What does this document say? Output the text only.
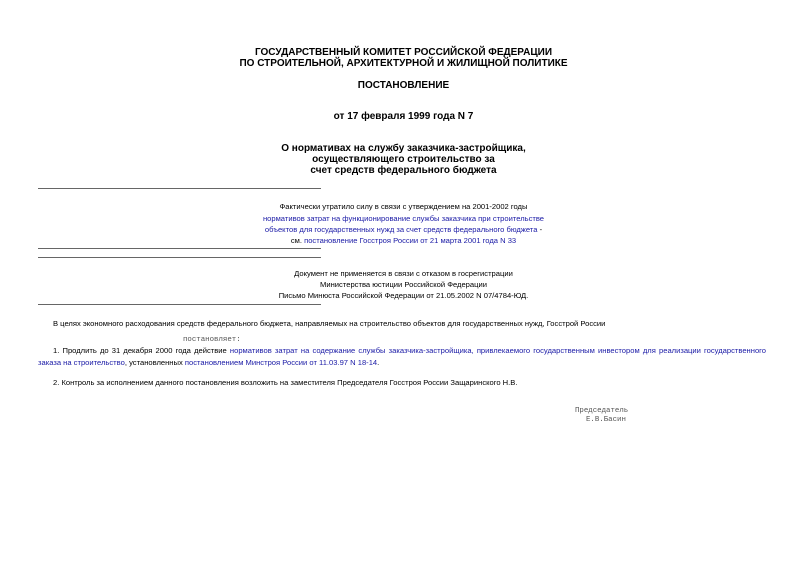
ГОСУДАРСТВЕННЫЙ КОМИТЕТ РОССИЙСКОЙ ФЕДЕРАЦИИ
ПО СТРОИТЕЛЬНОЙ, АРХИТЕКТУРНОЙ И ЖИЛИЩНОЙ ПОЛИТИКЕ
ПОСТАНОВЛЕНИЕ
от 17 февраля 1999 года N 7
О нормативах на службу заказчика-застройщика,
осуществляющего строительство за
счет средств федерального бюджета
Фактически утратило силу в связи с утверждением на 2001-2002 годы
нормативов затрат на функционирование службы заказчика при строительстве
объектов для государственных нужд за счет средств федерального бюджета -
см. постановление Госстроя России от 21 марта 2001 года N 33
Документ не применяется в связи с отказом в госрегистрации
Министерства юстиции Российской Федерации
Письмо Минюста Российской Федерации от 21.05.2002 N 07/4784-ЮД.
В целях экономного расходования средств федерального бюджета, направляемых на строительство объектов для государственных нужд, Госстрой России
постановляет:
1. Продлить до 31 декабря 2000 года действие нормативов затрат на содержание службы заказчика-застройщика, привлекаемого государственным инвестором для реализации государственного заказа на строительство, установленных постановлением Минстроя России от 11.03.97 N 18-14.
2. Контроль за исполнением данного постановления возложить на заместителя Председателя Госстроя России Защаринского Н.В.
Председатель
Е.В.Басин
